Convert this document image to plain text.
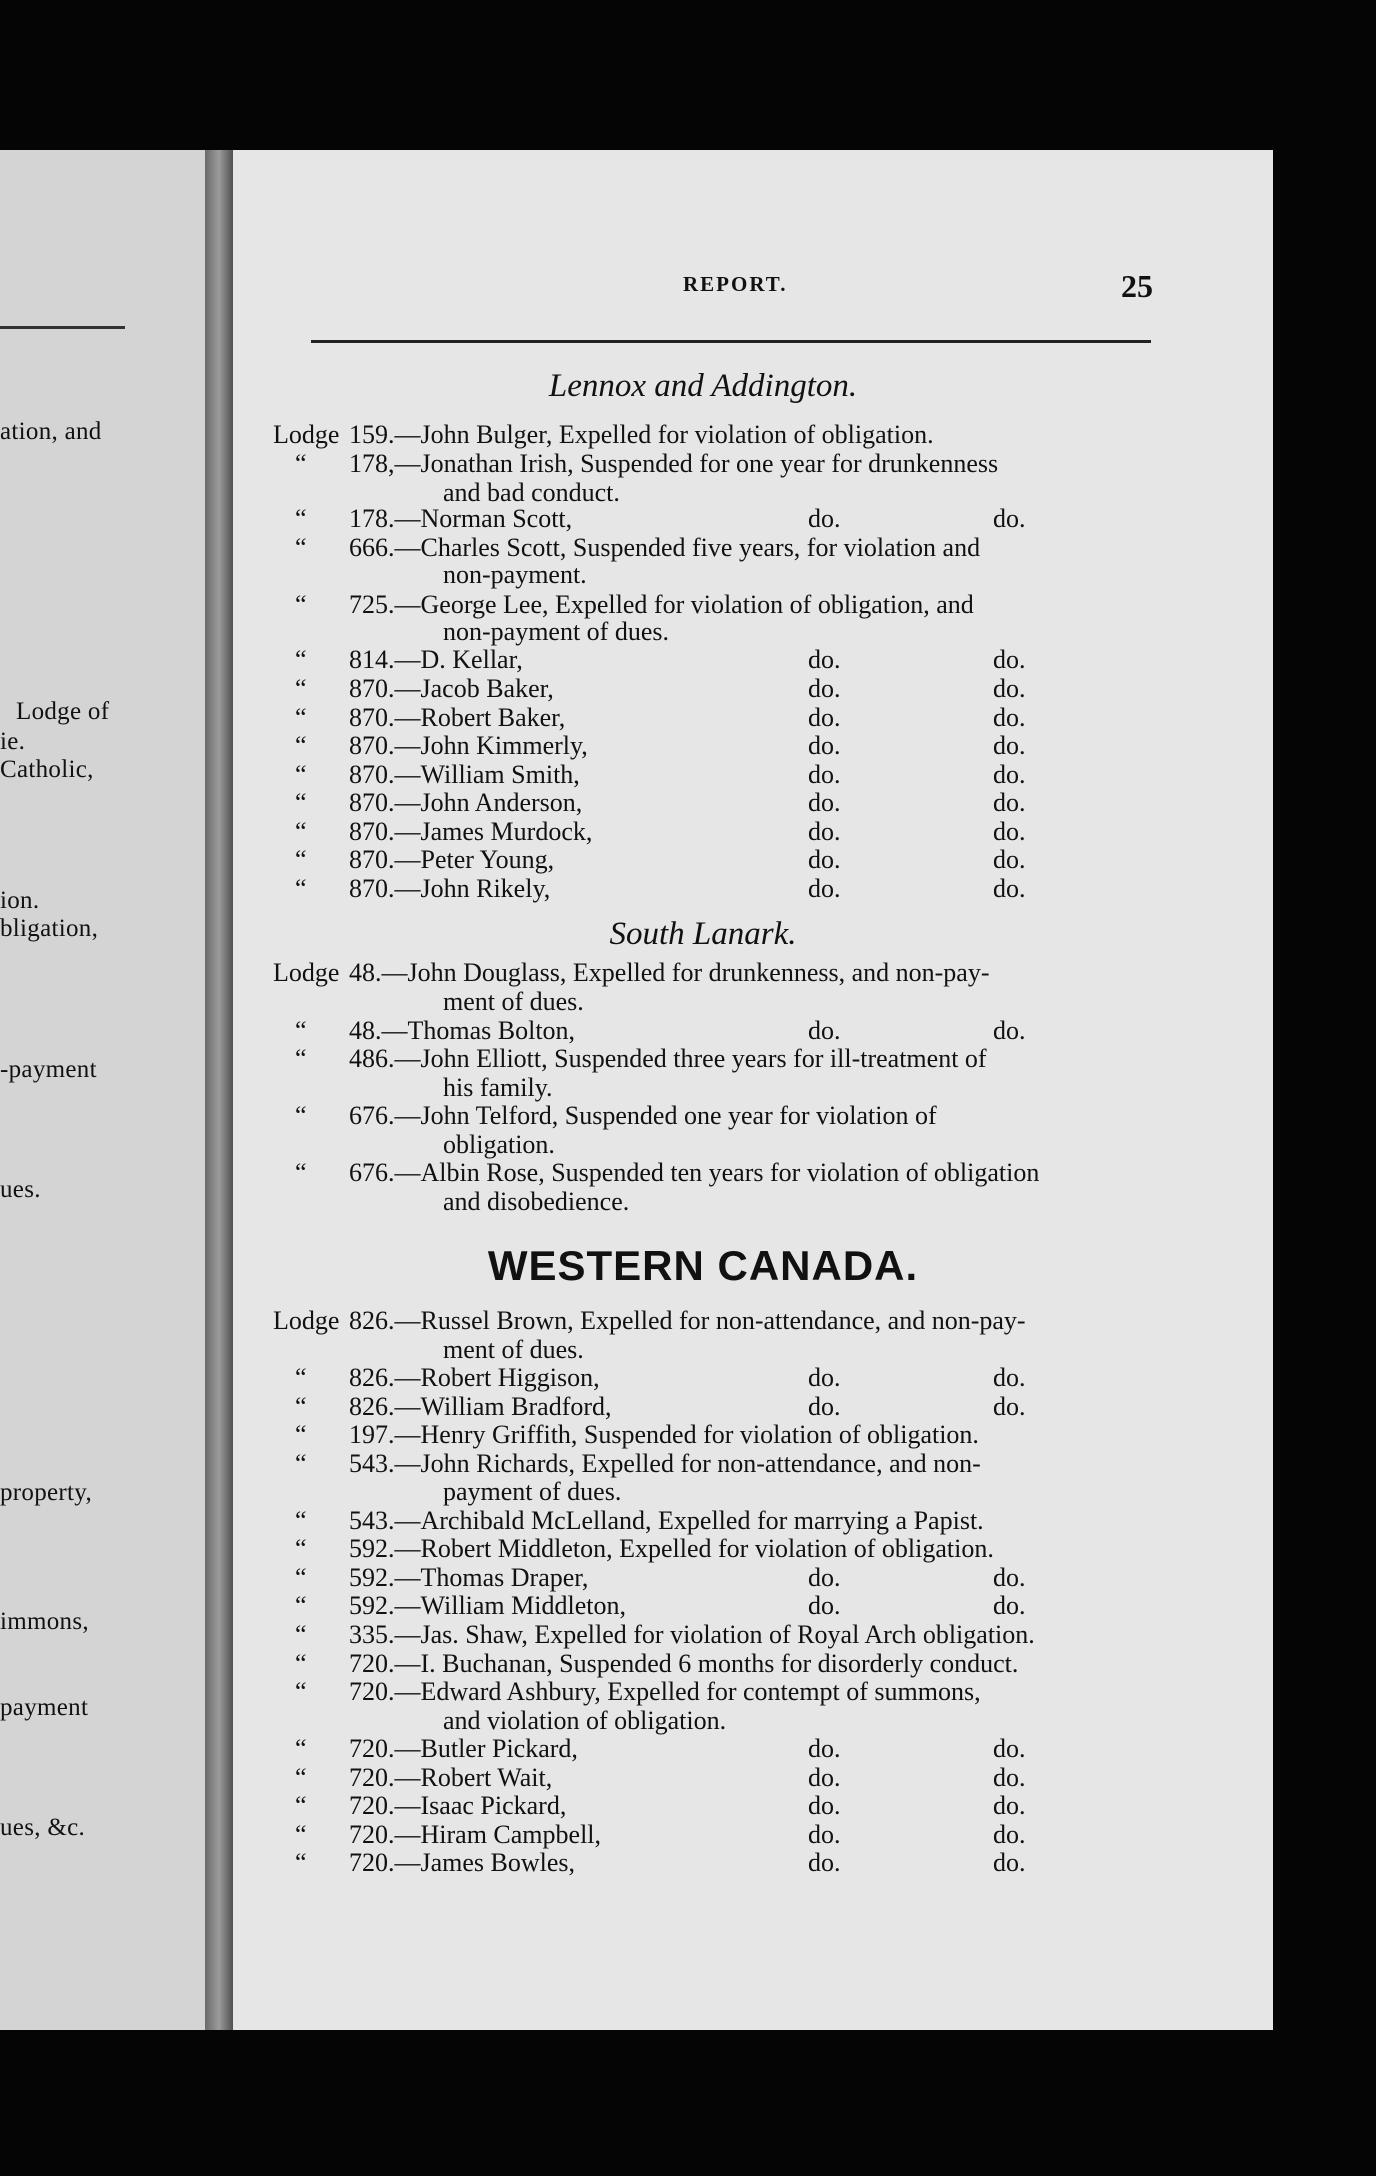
ation, and
Lodge of
ie.
Catholic,
ion.
bligation,
-payment
ues.
property,
immons,
payment
ues, &c.
REPORT.	25
Lennox and Addington.
South Lanark.
WESTERN CANADA.
Lodge 159.—John Bulger, Expelled for violation of obligation.
“	178,—Jonathan Irish, Suspended for one year for drunkenness
and bad conduct.
“	178.—Norman Scott,	do.	do.
“	666.—Charles Scott, Suspended five years, for violation and
non-payment.
“	725.—George Lee, Expelled for violation of obligation, and
non-payment of dues.
“	814.—D. Kellar,	do.	do.
“	870.—Jacob Baker,	do.	do.
“	870.—Robert Baker,	do.	do.
“	870.—John Kimmerly,	do.	do.
“	870.—William Smith,	do.	do.
“	870.—John Anderson,	do.	do.
“	870.—James Murdock,	do.	do.
“	870.—Peter Young,	do.	do.
“	870.—John Rikely,	do.	do.
Lodge 48.—John Douglass, Expelled for drunkenness, and non-pay-
ment of dues.
“	48.—Thomas Bolton,	do.	do.
“	486.—John Elliott, Suspended three years for ill-treatment of
his family.
“	676.—John Telford, Suspended one year for violation of
obligation.
“	676.—Albin Rose, Suspended ten years for violation of obligation
and disobedience.
Lodge 826.—Russel Brown, Expelled for non-attendance, and non-pay-
ment of dues.
“	826.—Robert Higgison,	do.	do.
“	826.—William Bradford,	do.	do.
“	197.—Henry Griffith, Suspended for violation of obligation.
“	543.—John Richards, Expelled for non-attendance, and non-
payment of dues.
“	543.—Archibald McLelland, Expelled for marrying a Papist.
“	592.—Robert Middleton, Expelled for violation of obligation.
“	592.—Thomas Draper,	do.	do.
“	592.—William Middleton,	do.	do.
“	335.—Jas. Shaw, Expelled for violation of Royal Arch obligation.
“	720.—I. Buchanan, Suspended 6 months for disorderly conduct.
“	720.—Edward Ashbury, Expelled for contempt of summons,
and violation of obligation.
“	720.—Butler Pickard,	do.	do.
“	720.—Robert Wait,	do.	do.
“	720.—Isaac Pickard,	do.	do.
“	720.—Hiram Campbell,	do.	do.
“	720.—James Bowles,	do.	do.
